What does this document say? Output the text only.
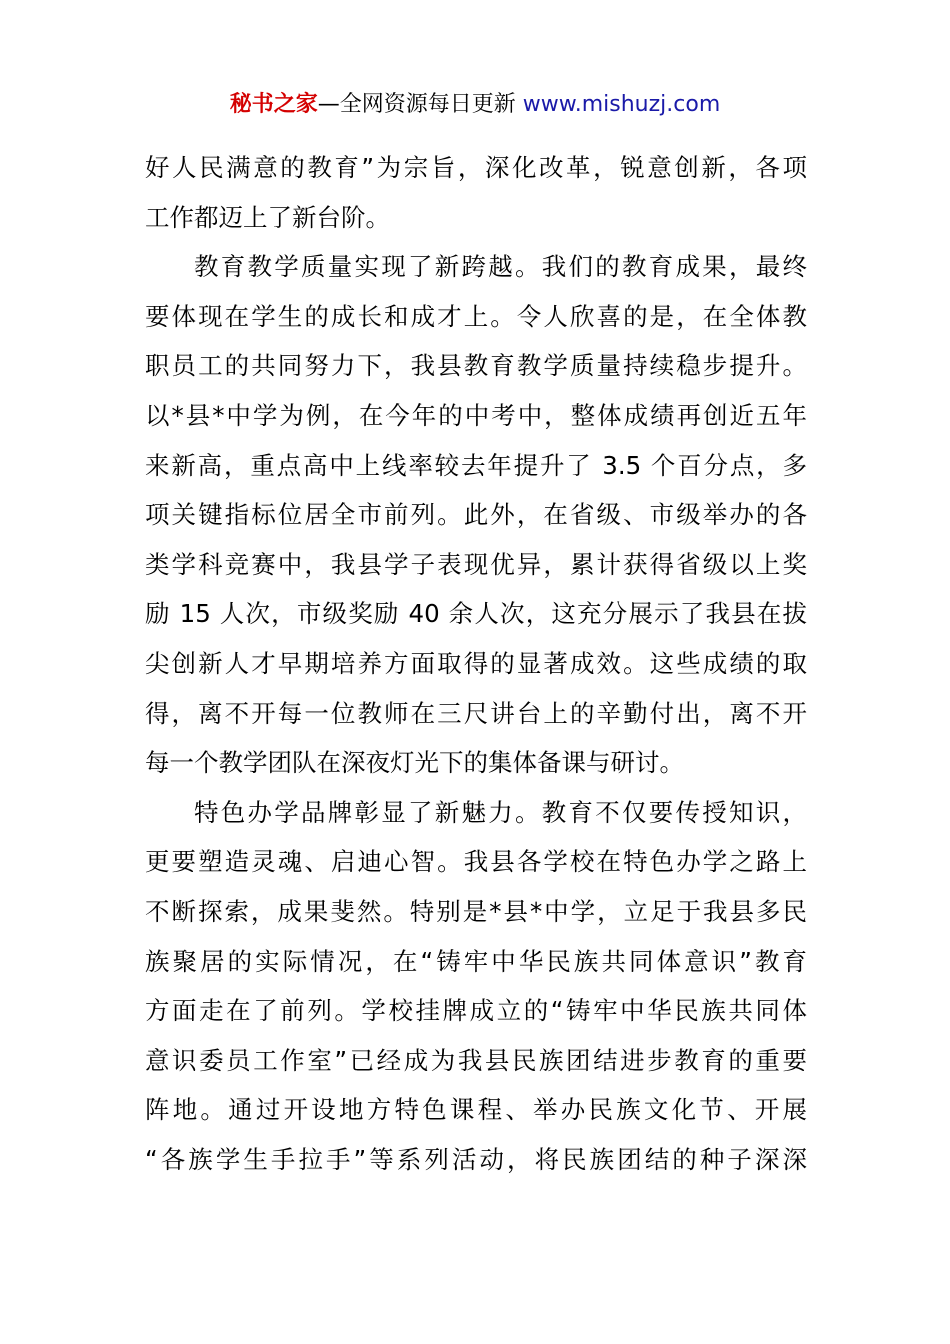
秘书之家—全网资源每日更新 www.mishuzj.com
好人民满意的教育”为宗旨，深化改革，锐意创新，各项
工作都迈上了新台阶。
教育教学质量实现了新跨越。我们的教育成果，最终
要体现在学生的成长和成才上。令人欣喜的是，在全体教
职员工的共同努力下，我县教育教学质量持续稳步提升。
以*县*中学为例，在今年的中考中，整体成绩再创近五年
来新高，重点高中上线率较去年提升了 3.5 个百分点，多
项关键指标位居全市前列。此外，在省级、市级举办的各
类学科竞赛中，我县学子表现优异，累计获得省级以上奖
励 15 人次，市级奖励 40 余人次，这充分展示了我县在拔
尖创新人才早期培养方面取得的显著成效。这些成绩的取
得，离不开每一位教师在三尺讲台上的辛勤付出，离不开
每一个教学团队在深夜灯光下的集体备课与研讨。
特色办学品牌彰显了新魅力。教育不仅要传授知识，
更要塑造灵魂、启迪心智。我县各学校在特色办学之路上
不断探索，成果斐然。特别是*县*中学，立足于我县多民
族聚居的实际情况，在“铸牢中华民族共同体意识”教育
方面走在了前列。学校挂牌成立的“铸牢中华民族共同体
意识委员工作室”已经成为我县民族团结进步教育的重要
阵地。通过开设地方特色课程、举办民族文化节、开展
“各族学生手拉手”等系列活动，将民族团结的种子深深
